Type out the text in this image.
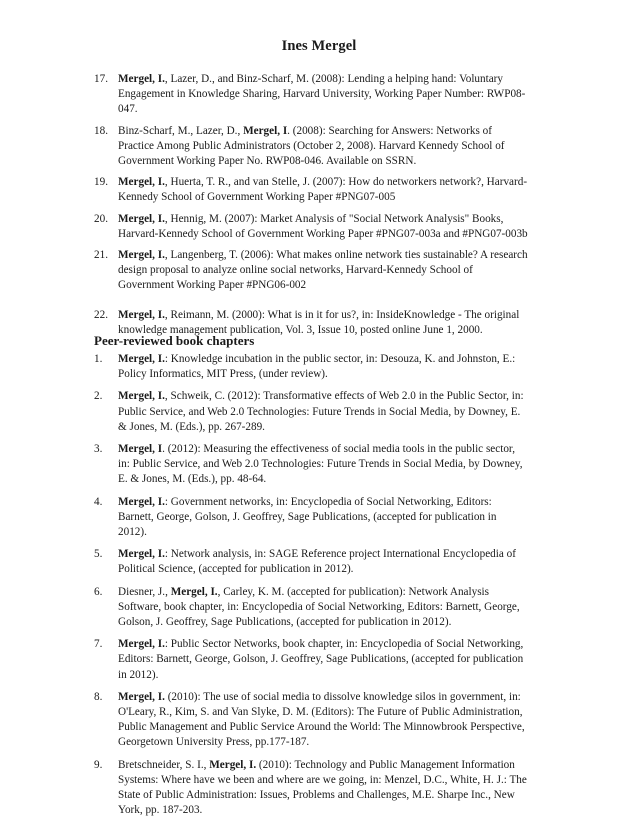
Ines Mergel
17. Mergel, I., Lazer, D., and Binz-Scharf, M. (2008): Lending a helping hand: Voluntary Engagement in Knowledge Sharing, Harvard University, Working Paper Number: RWP08-047.
18. Binz-Scharf, M., Lazer, D., Mergel, I. (2008): Searching for Answers: Networks of Practice Among Public Administrators (October 2, 2008). Harvard Kennedy School of Government Working Paper No. RWP08-046. Available on SSRN.
19. Mergel, I., Huerta, T. R., and van Stelle, J. (2007): How do networkers network?, Harvard-Kennedy School of Government Working Paper #PNG07-005
20. Mergel, I., Hennig, M. (2007): Market Analysis of "Social Network Analysis" Books, Harvard-Kennedy School of Government Working Paper #PNG07-003a and #PNG07-003b
21. Mergel, I., Langenberg, T. (2006): What makes online network ties sustainable? A research design proposal to analyze online social networks, Harvard-Kennedy School of Government Working Paper #PNG06-002
22. Mergel, I., Reimann, M. (2000): What is in it for us?, in: InsideKnowledge - The original knowledge management publication, Vol. 3, Issue 10, posted online June 1, 2000.
Peer-reviewed book chapters
1. Mergel, I.: Knowledge incubation in the public sector, in: Desouza, K. and Johnston, E.: Policy Informatics, MIT Press, (under review).
2. Mergel, I., Schweik, C. (2012): Transformative effects of Web 2.0 in the Public Sector, in: Public Service, and Web 2.0 Technologies: Future Trends in Social Media, by Downey, E. & Jones, M. (Eds.), pp. 267-289.
3. Mergel, I. (2012): Measuring the effectiveness of social media tools in the public sector, in: Public Service, and Web 2.0 Technologies: Future Trends in Social Media, by Downey, E. & Jones, M. (Eds.), pp. 48-64.
4. Mergel, I.: Government networks, in: Encyclopedia of Social Networking, Editors: Barnett, George, Golson, J. Geoffrey, Sage Publications, (accepted for publication in 2012).
5. Mergel, I.: Network analysis, in: SAGE Reference project International Encyclopedia of Political Science, (accepted for publication in 2012).
6. Diesner, J., Mergel, I., Carley, K. M. (accepted for publication): Network Analysis Software, book chapter, in: Encyclopedia of Social Networking, Editors: Barnett, George, Golson, J. Geoffrey, Sage Publications, (accepted for publication in 2012).
7. Mergel, I.: Public Sector Networks, book chapter, in: Encyclopedia of Social Networking, Editors: Barnett, George, Golson, J. Geoffrey, Sage Publications, (accepted for publication in 2012).
8. Mergel, I. (2010): The use of social media to dissolve knowledge silos in government, in: O'Leary, R., Kim, S. and Van Slyke, D. M. (Editors): The Future of Public Administration, Public Management and Public Service Around the World: The Minnowbrook Perspective, Georgetown University Press, pp.177-187.
9. Bretschneider, S. I., Mergel, I. (2010): Technology and Public Management Information Systems: Where have we been and where are we going, in: Menzel, D.C., White, H. J.: The State of Public Administration: Issues, Problems and Challenges, M.E. Sharpe Inc., New York, pp. 187-203.
